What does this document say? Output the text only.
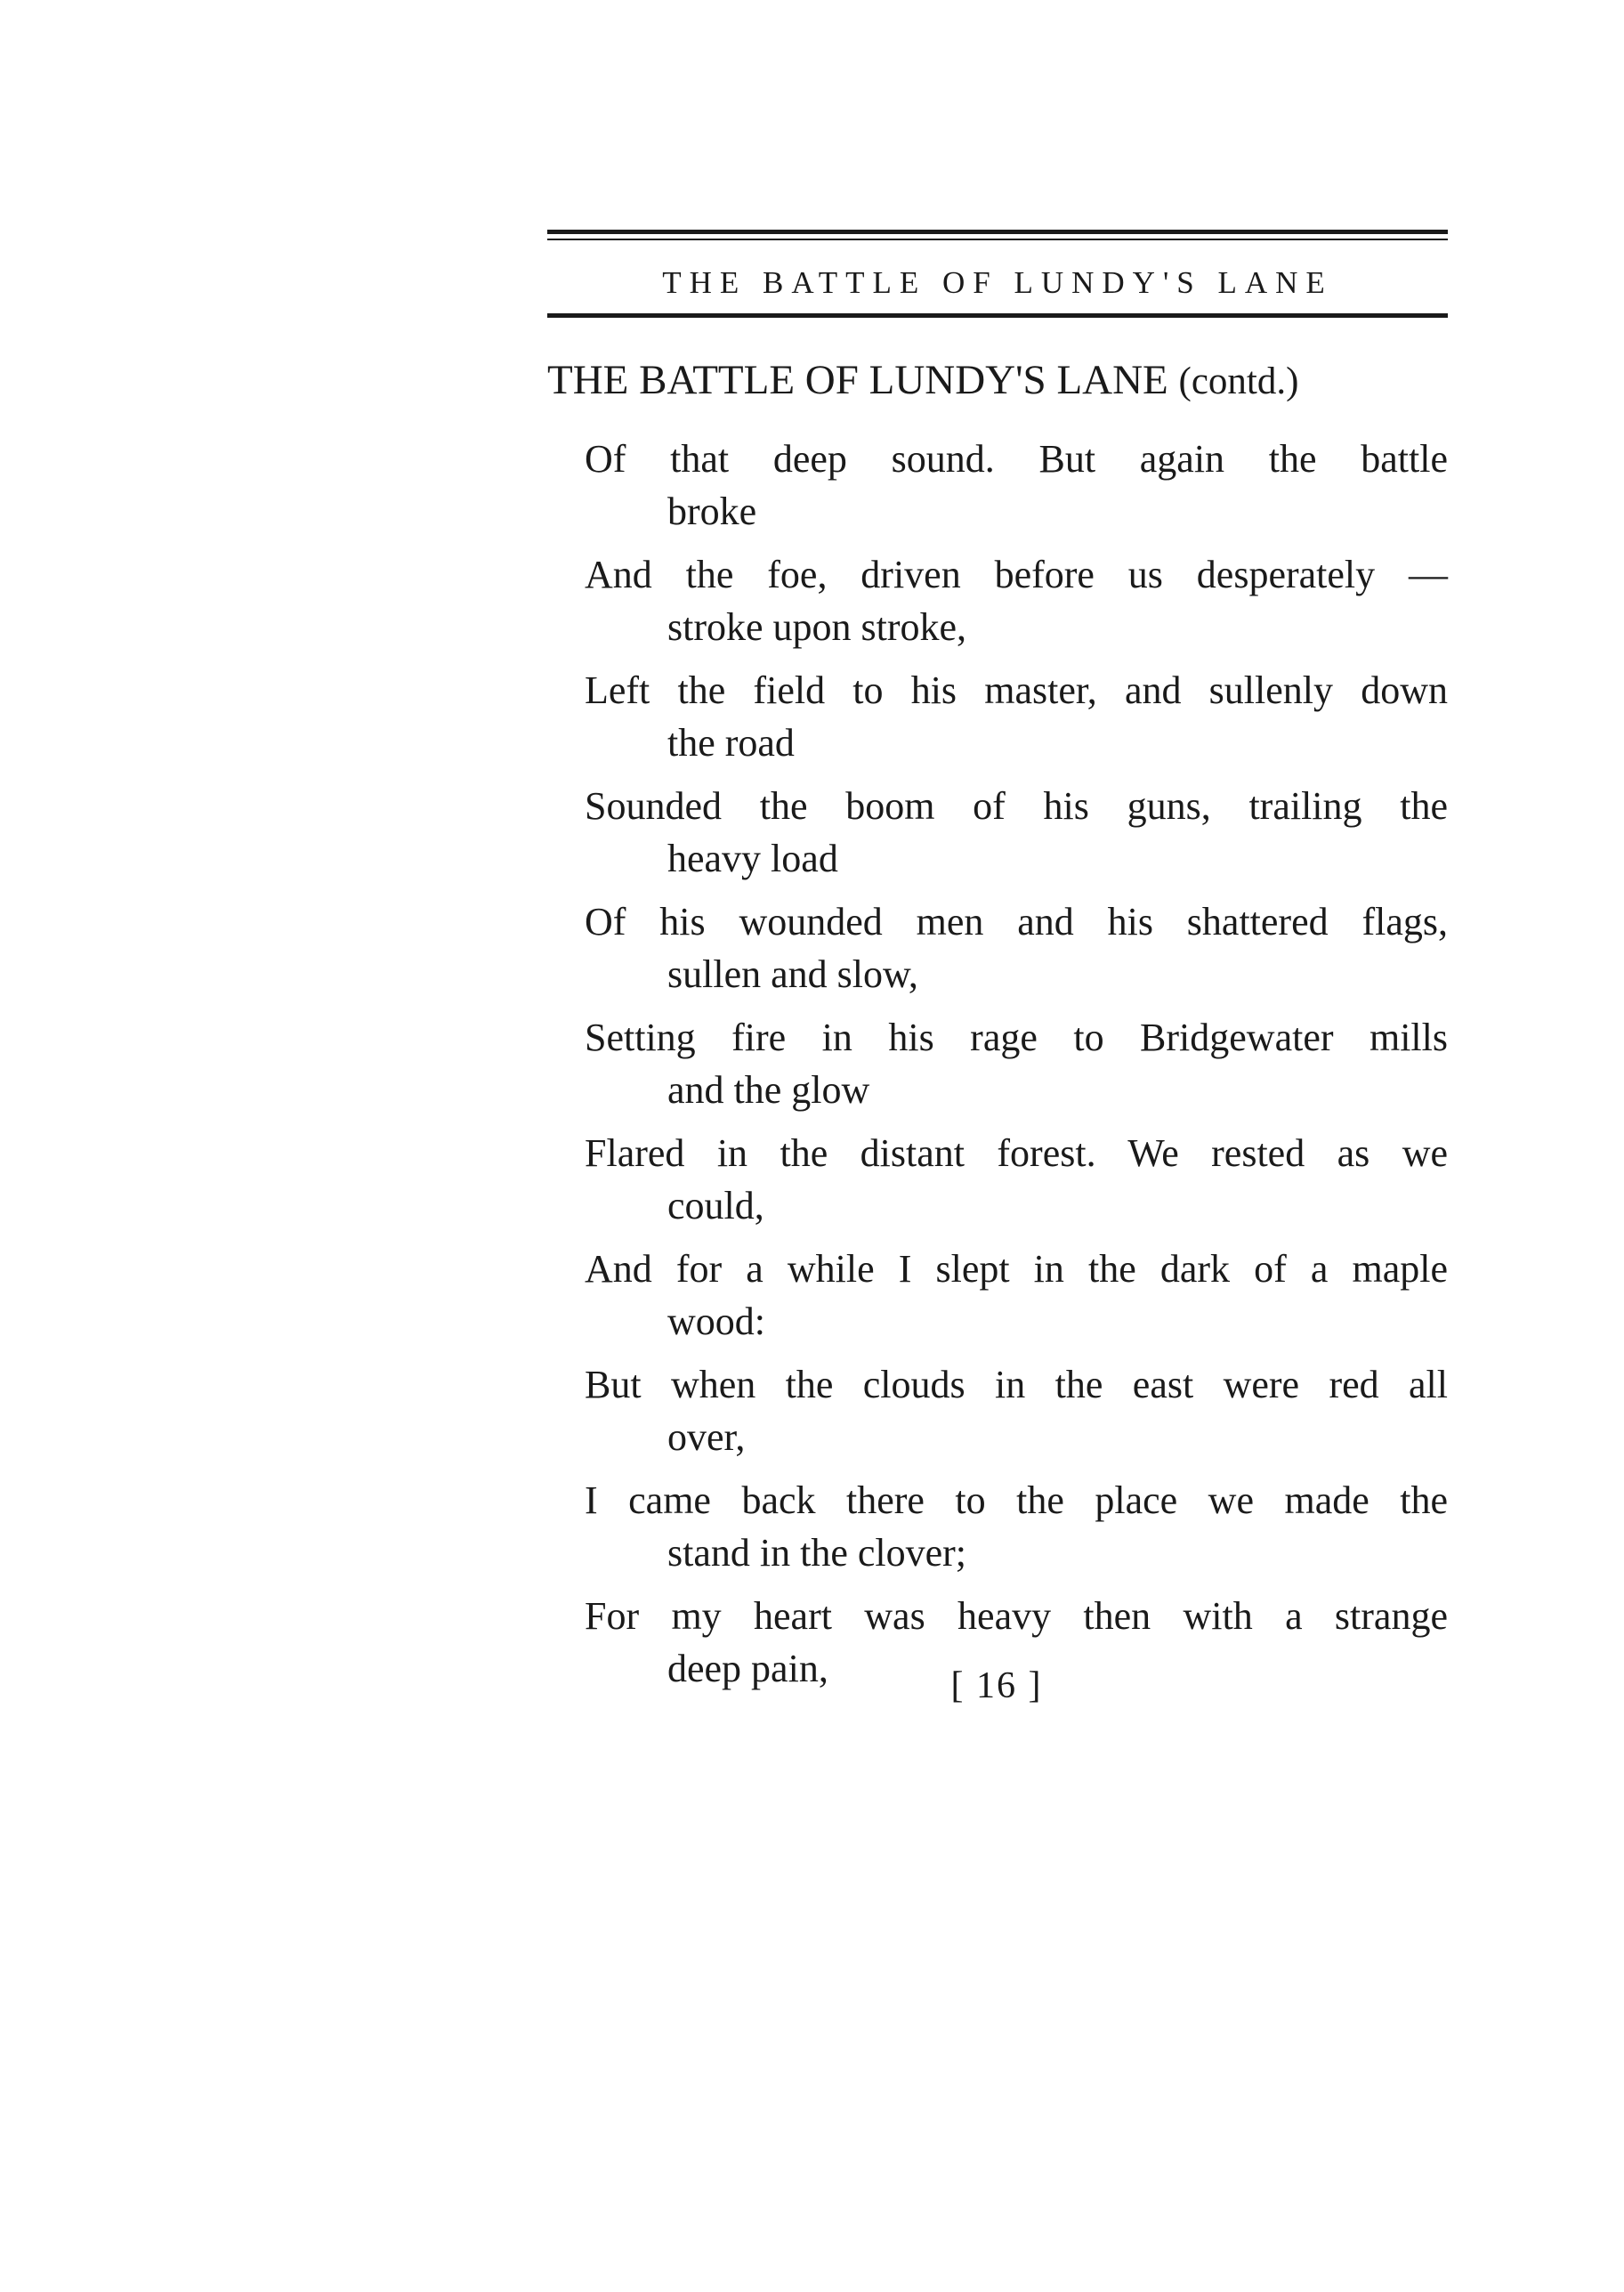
THE BATTLE OF LUNDY'S LANE
THE BATTLE OF LUNDY'S LANE (contd.)
Of that deep sound. But again the battle
broke
And the foe, driven before us desperately —
stroke upon stroke,
Left the field to his master, and sullenly down
the road
Sounded the boom of his guns, trailing the
heavy load
Of his wounded men and his shattered flags,
sullen and slow,
Setting fire in his rage to Bridgewater mills
and the glow
Flared in the distant forest. We rested as we
could,
And for a while I slept in the dark of a maple
wood:
But when the clouds in the east were red all
over,
I came back there to the place we made the
stand in the clover;
For my heart was heavy then with a strange
deep pain,	[ 16 ]
